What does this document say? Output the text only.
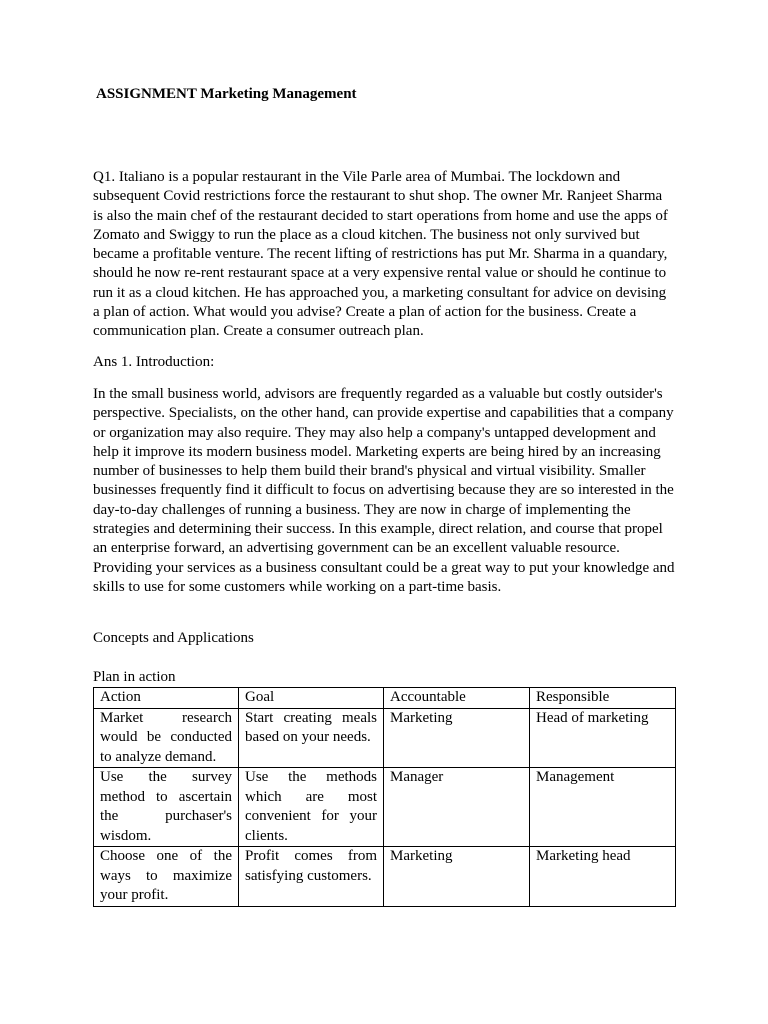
ASSIGNMENT Marketing Management

Q1. Italiano is a popular restaurant in the Vile Parle area of Mumbai. The lockdown and subsequent Covid restrictions force the restaurant to shut shop. The owner Mr. Ranjeet Sharma is also the main chef of the restaurant decided to start operations from home and use the apps of Zomato and Swiggy to run the place as a cloud kitchen. The business not only survived but became a profitable venture. The recent lifting of restrictions has put Mr. Sharma in a quandary, should he now re-rent restaurant space at a very expensive rental value or should he continue to run it as a cloud kitchen. He has approached you, a marketing consultant for advice on devising a plan of action. What would you advise? Create a plan of action for the business. Create a communication plan. Create a consumer outreach plan.

Ans 1. Introduction:

In the small business world, advisors are frequently regarded as a valuable but costly outsider's perspective. Specialists, on the other hand, can provide expertise and capabilities that a company or organization may also require. They may also help a company's untapped development and help it improve its modern business model. Marketing experts are being hired by an increasing number of businesses to help them build their brand's physical and virtual visibility. Smaller businesses frequently find it difficult to focus on advertising because they are so interested in the day-to-day challenges of running a business. They are now in charge of implementing the strategies and determining their success. In this example, direct relation, and course that propel an enterprise forward, an advertising government can be an excellent valuable resource. Providing your services as a business consultant could be a great way to put your knowledge and skills to use for some customers while working on a part-time basis.

Concepts and Applications

Plan in action

Action	Goal	Accountable	Responsible
Market research would be conducted to analyze demand.	Start creating meals based on your needs.	Marketing	Head of marketing
Use the survey method to ascertain the purchaser's wisdom.	Use the methods which are most convenient for your clients.	Manager	Management
Choose one of the ways to maximize your profit.	Profit comes from satisfying customers.	Marketing	Marketing head
